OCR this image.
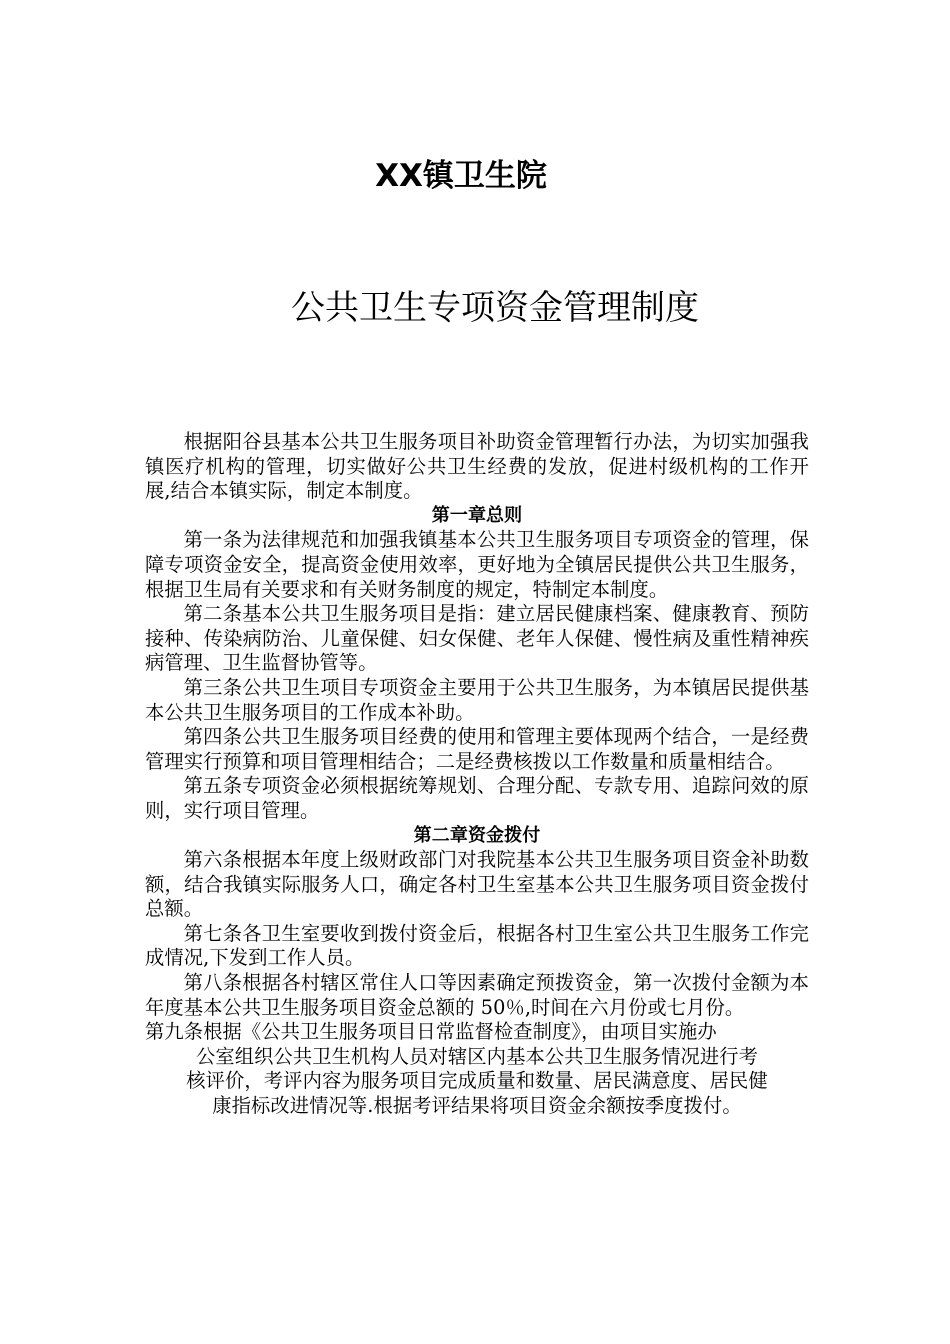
XX镇卫生院
公共卫生专项资金管理制度

根据阳谷县基本公共卫生服务项目补助资金管理暂行办法，为切实加强我镇医疗机构的管理，切实做好公共卫生经费的发放，促进村级机构的工作开展,结合本镇实际，制定本制度。

第一章总则

第一条为法律规范和加强我镇基本公共卫生服务项目专项资金的管理，保障专项资金安全，提高资金使用效率，更好地为全镇居民提供公共卫生服务，根据卫生局有关要求和有关财务制度的规定，特制定本制度。

第二条基本公共卫生服务项目是指：建立居民健康档案、健康教育、预防接种、传染病防治、儿童保健、妇女保健、老年人保健、慢性病及重性精神疾病管理、卫生监督协管等。

第三条公共卫生项目专项资金主要用于公共卫生服务，为本镇居民提供基本公共卫生服务项目的工作成本补助。

第四条公共卫生服务项目经费的使用和管理主要体现两个结合，一是经费管理实行预算和项目管理相结合；二是经费核拨以工作数量和质量相结合。

第五条专项资金必须根据统筹规划、合理分配、专款专用、追踪问效的原则，实行项目管理。

第二章资金拨付

第六条根据本年度上级财政部门对我院基本公共卫生服务项目资金补助数额，结合我镇实际服务人口，确定各村卫生室基本公共卫生服务项目资金拨付总额。

第七条各卫生室要收到拨付资金后，根据各村卫生室公共卫生服务工作完成情况,下发到工作人员。

第八条根据各村辖区常住人口等因素确定预拨资金，第一次拨付金额为本年度基本公共卫生服务项目资金总额的 50％,时间在六月份或七月份。

第九条根据《公共卫生服务项目日常监督检查制度》，由项目实施办

公室组织公共卫生机构人员对辖区内基本公共卫生服务情况进行考

核评价，考评内容为服务项目完成质量和数量、居民满意度、居民健

康指标改进情况等.根据考评结果将项目资金余额按季度拨付。
